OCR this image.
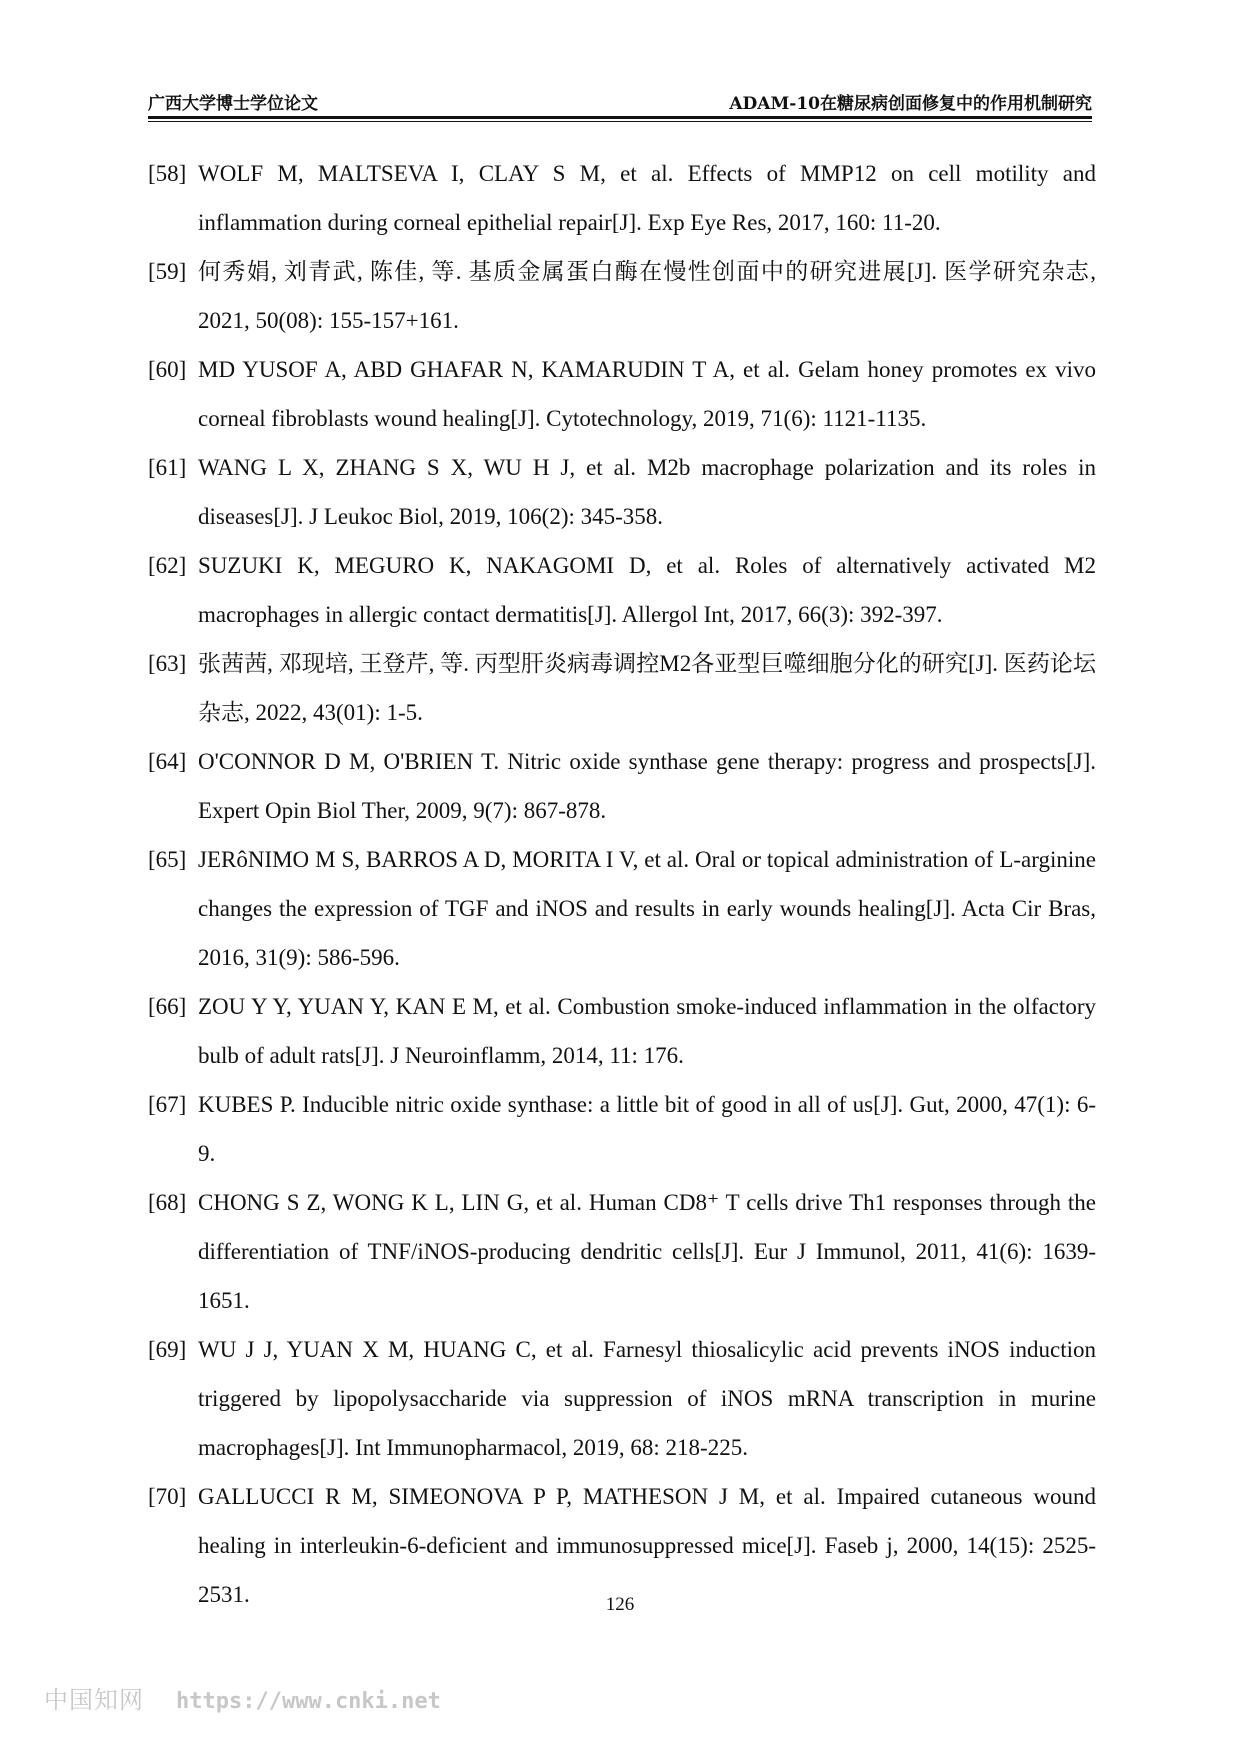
广西大学博士学位论文	ADAM-10在糖尿病创面修复中的作用机制研究
[58] WOLF M, MALTSEVA I, CLAY S M, et al. Effects of MMP12 on cell motility and inflammation during corneal epithelial repair[J]. Exp Eye Res, 2017, 160: 11-20.
[59] 何秀娟, 刘青武, 陈佳, 等. 基质金属蛋白酶在慢性创面中的研究进展[J]. 医学研究杂志, 2021, 50(08): 155-157+161.
[60] MD YUSOF A, ABD GHAFAR N, KAMARUDIN T A, et al. Gelam honey promotes ex vivo corneal fibroblasts wound healing[J]. Cytotechnology, 2019, 71(6): 1121-1135.
[61] WANG L X, ZHANG S X, WU H J, et al. M2b macrophage polarization and its roles in diseases[J]. J Leukoc Biol, 2019, 106(2): 345-358.
[62] SUZUKI K, MEGURO K, NAKAGOMI D, et al. Roles of alternatively activated M2 macrophages in allergic contact dermatitis[J]. Allergol Int, 2017, 66(3): 392-397.
[63] 张茜茜, 邓现培, 王登芹, 等. 丙型肝炎病毒调控M2各亚型巨噬细胞分化的研究[J]. 医药论坛杂志, 2022, 43(01): 1-5.
[64] O'CONNOR D M, O'BRIEN T. Nitric oxide synthase gene therapy: progress and prospects[J]. Expert Opin Biol Ther, 2009, 9(7): 867-878.
[65] JERôNIMO M S, BARROS A D, MORITA I V, et al. Oral or topical administration of L-arginine changes the expression of TGF and iNOS and results in early wounds healing[J]. Acta Cir Bras, 2016, 31(9): 586-596.
[66] ZOU Y Y, YUAN Y, KAN E M, et al. Combustion smoke-induced inflammation in the olfactory bulb of adult rats[J]. J Neuroinflamm, 2014, 11: 176.
[67] KUBES P. Inducible nitric oxide synthase: a little bit of good in all of us[J]. Gut, 2000, 47(1): 6-9.
[68] CHONG S Z, WONG K L, LIN G, et al. Human CD8⁺ T cells drive Th1 responses through the differentiation of TNF/iNOS-producing dendritic cells[J]. Eur J Immunol, 2011, 41(6): 1639-1651.
[69] WU J J, YUAN X M, HUANG C, et al. Farnesyl thiosalicylic acid prevents iNOS induction triggered by lipopolysaccharide via suppression of iNOS mRNA transcription in murine macrophages[J]. Int Immunopharmacol, 2019, 68: 218-225.
[70] GALLUCCI R M, SIMEONOVA P P, MATHESON J M, et al. Impaired cutaneous wound healing in interleukin-6-deficient and immunosuppressed mice[J]. Faseb j, 2000, 14(15): 2525-2531.	126
中国知网 https://www.cnki.net
